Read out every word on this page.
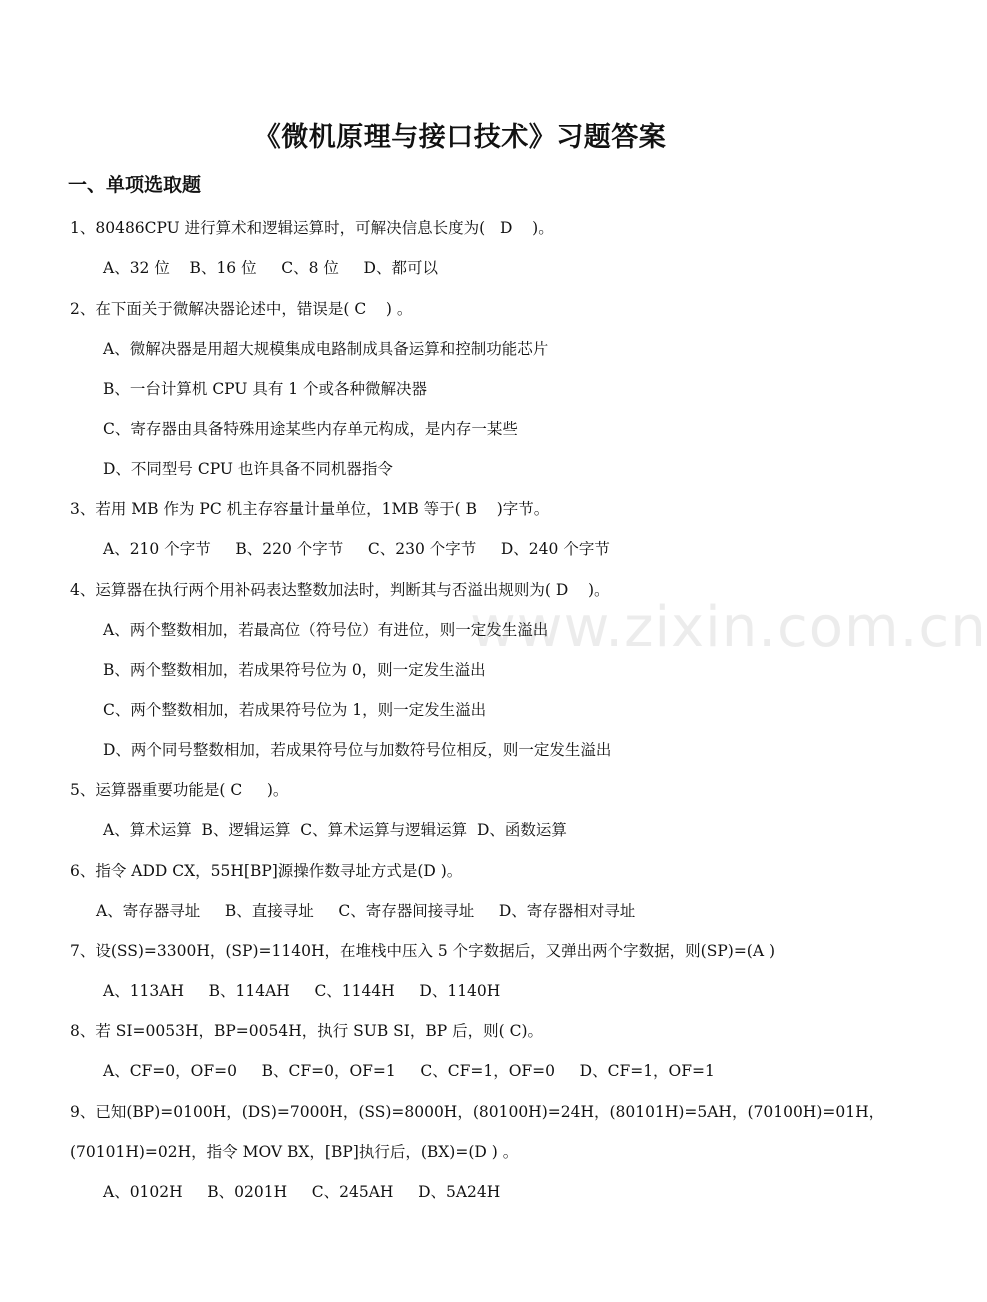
www.zixin.com.cn
《微机原理与接口技术》习题答案
一、单项选取题
1、80486CPU 进行算术和逻辑运算时，可解决信息长度为(   D    )。
A、32 位    B、16 位     C、8 位     D、都可以
2、在下面关于微解决器论述中，错误是( C    ) 。
A、微解决器是用超大规模集成电路制成具备运算和控制功能芯片
B、一台计算机 CPU 具有 1 个或各种微解决器
C、寄存器由具备特殊用途某些内存单元构成，是内存一某些
D、不同型号 CPU 也许具备不同机器指令
3、若用 MB 作为 PC 机主存容量计量单位，1MB 等于( B    )字节。
A、210 个字节     B、220 个字节     C、230 个字节     D、240 个字节
4、运算器在执行两个用补码表达整数加法时，判断其与否溢出规则为( D    )。
A、两个整数相加，若最高位（符号位）有进位，则一定发生溢出
B、两个整数相加，若成果符号位为 0，则一定发生溢出
C、两个整数相加，若成果符号位为 1，则一定发生溢出
D、两个同号整数相加，若成果符号位与加数符号位相反，则一定发生溢出
5、运算器重要功能是( C     )。
A、算术运算  B、逻辑运算  C、算术运算与逻辑运算  D、函数运算
6、指令 ADD CX，55H[BP]源操作数寻址方式是(D )。
A、寄存器寻址     B、直接寻址     C、寄存器间接寻址     D、寄存器相对寻址
7、设(SS)=3300H，(SP)=1140H，在堆栈中压入 5 个字数据后，又弹出两个字数据，则(SP)=(A )
A、113AH     B、114AH     C、1144H     D、1140H
8、若 SI=0053H，BP=0054H，执行 SUB SI，BP 后，则( C)。
A、CF=0，OF=0     B、CF=0，OF=1     C、CF=1，OF=0     D、CF=1，OF=1
9、已知(BP)=0100H，(DS)=7000H，(SS)=8000H，(80100H)=24H，(80101H)=5AH，(70100H)=01H，
(70101H)=02H，指令 MOV BX，[BP]执行后，(BX)=(D ) 。
A、0102H     B、0201H     C、245AH     D、5A24H
